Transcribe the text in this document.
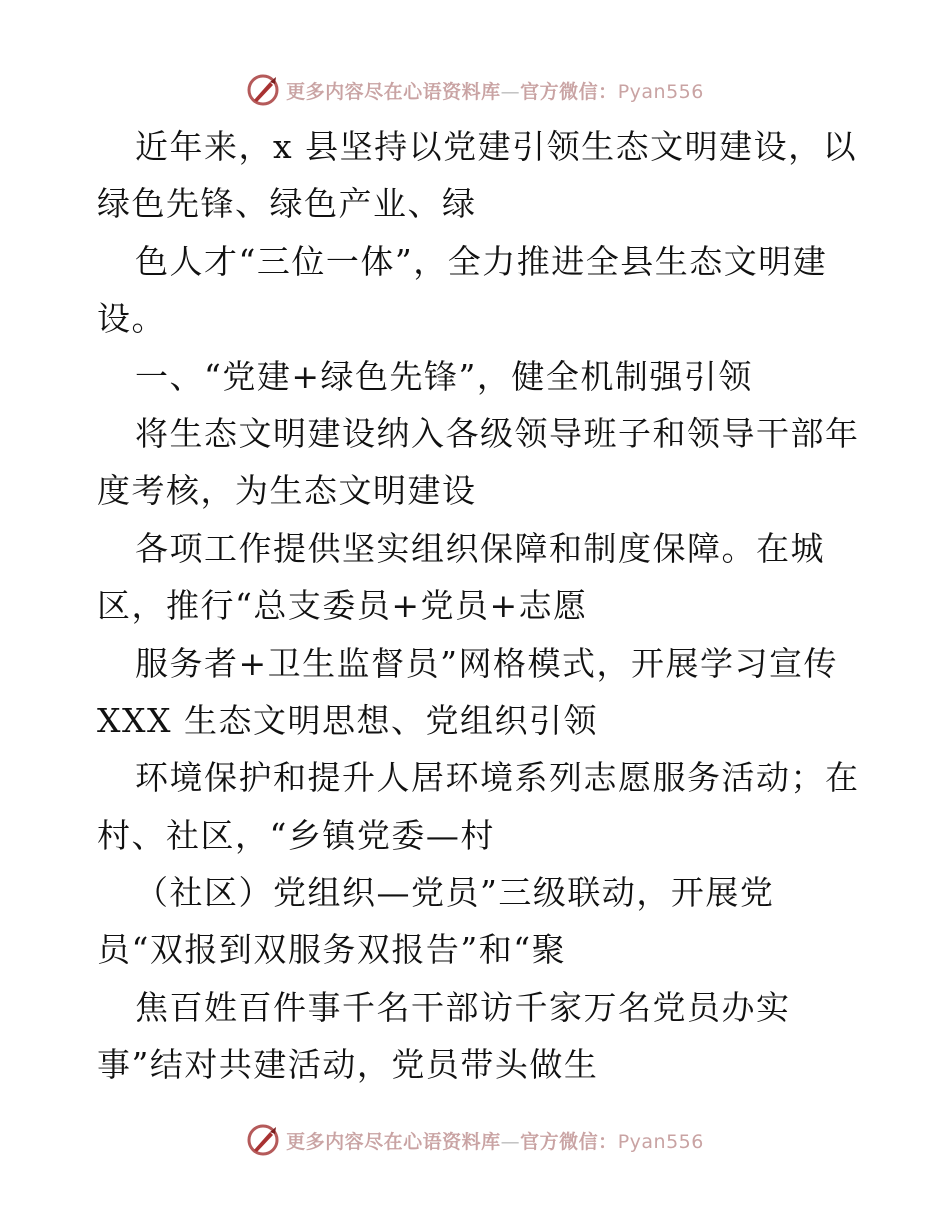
更多内容尽在心语资料库—官方微信：Pyan556
近年来，x 县坚持以党建引领生态文明建设，以
绿色先锋、绿色产业、绿
色人才“三位一体”，全力推进全县生态文明建
设。
一、“党建+绿色先锋”，健全机制强引领
将生态文明建设纳入各级领导班子和领导干部年
度考核，为生态文明建设
各项工作提供坚实组织保障和制度保障。在城
区，推行“总支委员+党员+志愿
服务者+卫生监督员”网格模式，开展学习宣传
XXX 生态文明思想、党组织引领
环境保护和提升人居环境系列志愿服务活动；在
村、社区，“乡镇党委—村
（社区）党组织—党员”三级联动，开展党
员“双报到双服务双报告”和“聚
焦百姓百件事千名干部访千家万名党员办实
事”结对共建活动，党员带头做生
更多内容尽在心语资料库—官方微信：Pyan556
